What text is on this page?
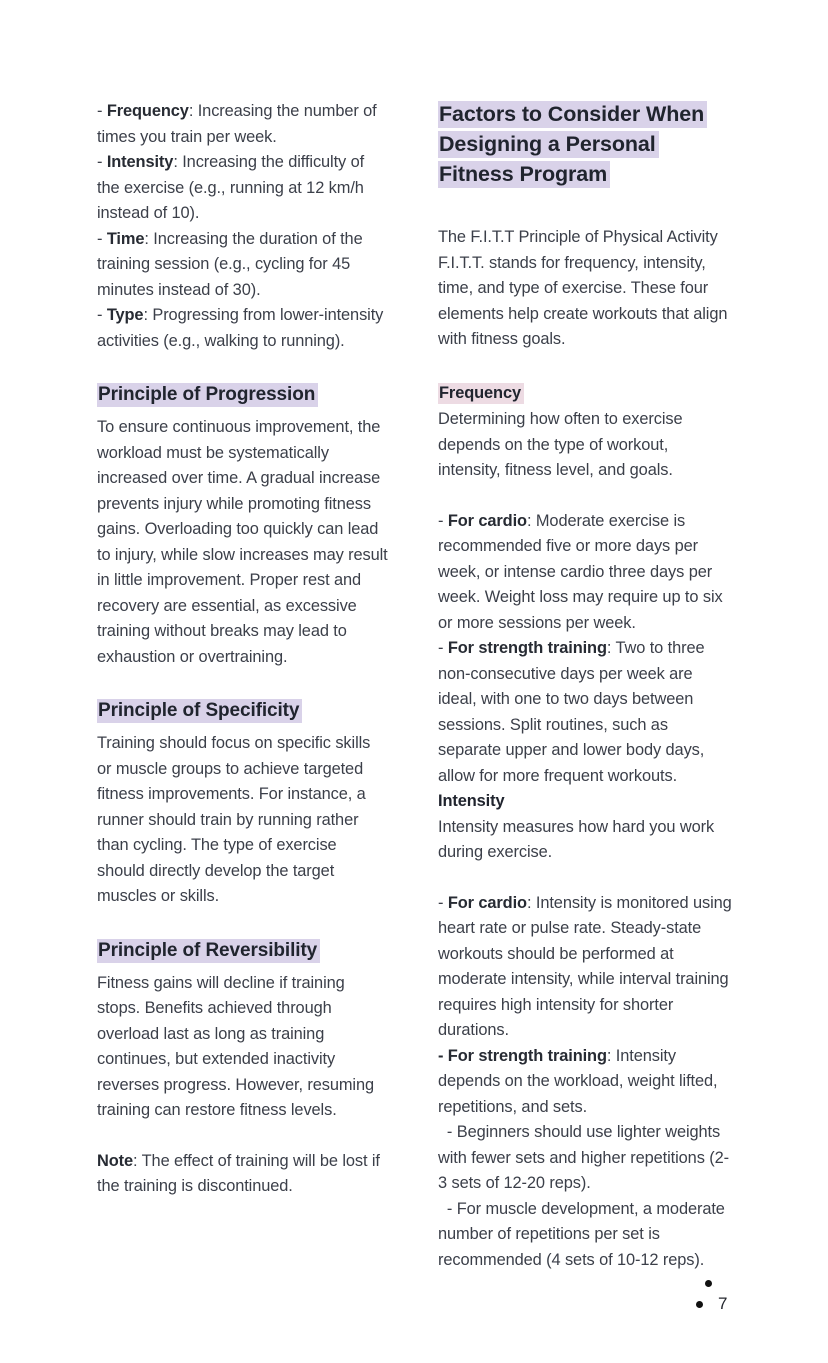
- Frequency: Increasing the number of times you train per week.

- Intensity: Increasing the difficulty of the exercise (e.g., running at 12 km/h instead of 10).

- Time: Increasing the duration of the training session (e.g., cycling for 45 minutes instead of 30).

- Type: Progressing from lower-intensity activities (e.g., walking to running).

Principle of Progression

To ensure continuous improvement, the workload must be systematically increased over time. A gradual increase prevents injury while promoting fitness gains. Overloading too quickly can lead to injury, while slow increases may result in little improvement. Proper rest and recovery are essential, as excessive training without breaks may lead to exhaustion or overtraining.

Principle of Specificity

Training should focus on specific skills or muscle groups to achieve targeted fitness improvements. For instance, a runner should train by running rather than cycling. The type of exercise should directly develop the target muscles or skills.

Principle of Reversibility

Fitness gains will decline if training stops. Benefits achieved through overload last as long as training continues, but extended inactivity reverses progress. However, resuming training can restore fitness levels.

Note: The effect of training will be lost if the training is discontinued.

Factors to Consider When Designing a Personal Fitness Program

The F.I.T.T Principle of Physical Activity F.I.T.T. stands for frequency, intensity, time, and type of exercise. These four elements help create workouts that align with fitness goals.

Frequency

Determining how often to exercise depends on the type of workout, intensity, fitness level, and goals.

- For cardio: Moderate exercise is recommended five or more days per week, or intense cardio three days per week. Weight loss may require up to six or more sessions per week.

- For strength training: Two to three non-consecutive days per week are ideal, with one to two days between sessions. Split routines, such as separate upper and lower body days, allow for more frequent workouts.

Intensity

Intensity measures how hard you work during exercise.

- For cardio: Intensity is monitored using heart rate or pulse rate. Steady-state workouts should be performed at moderate intensity, while interval training requires high intensity for shorter durations.

- For strength training: Intensity depends on the workload, weight lifted, repetitions, and sets.

- Beginners should use lighter weights with fewer sets and higher repetitions (2-3 sets of 12-20 reps).

- For muscle development, a moderate number of repetitions per set is recommended (4 sets of 10-12 reps).

7
